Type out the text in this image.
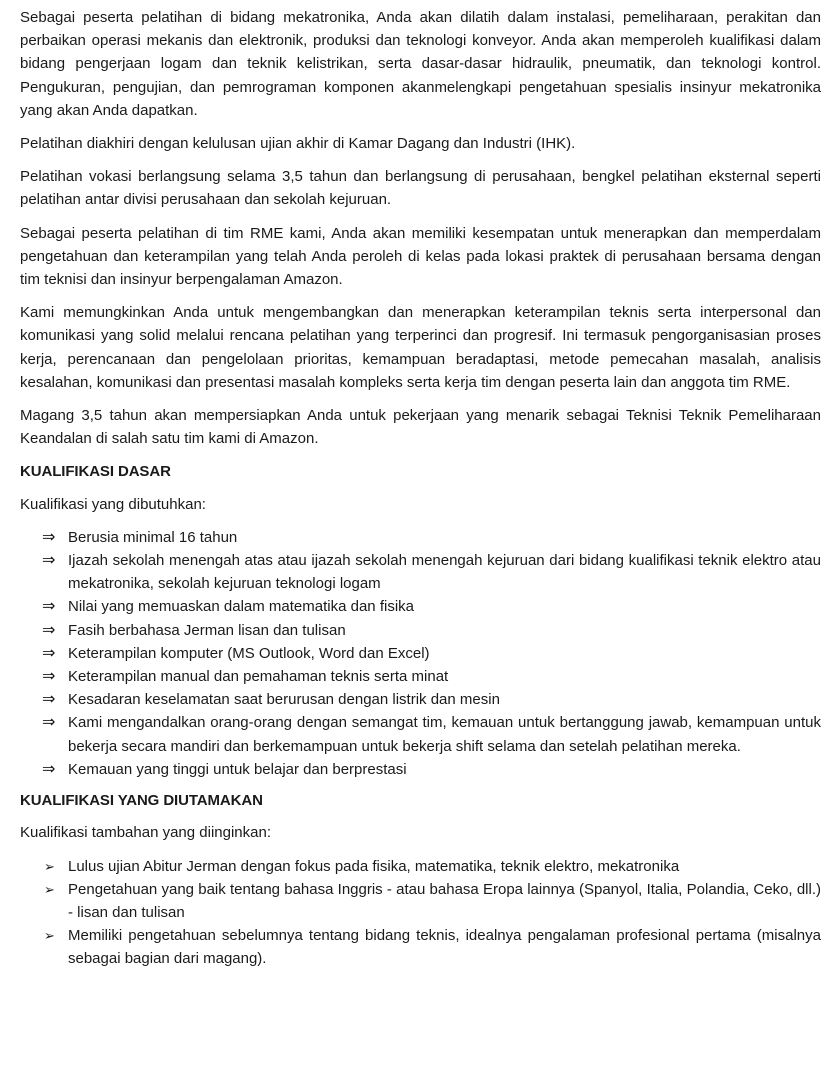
Sebagai peserta pelatihan di bidang mekatronika, Anda akan dilatih dalam instalasi, pemeliharaan, perakitan dan perbaikan operasi mekanis dan elektronik, produksi dan teknologi konveyor. Anda akan memperoleh kualifikasi dalam bidang pengerjaan logam dan teknik kelistrikan, serta dasar-dasar hidraulik, pneumatik, dan teknologi kontrol. Pengukuran, pengujian, dan pemrograman komponen akanmelengkapi pengetahuan spesialis insinyur mekatronika yang akan Anda dapatkan.

Pelatihan diakhiri dengan kelulusan ujian akhir di Kamar Dagang dan Industri (IHK).

Pelatihan vokasi berlangsung selama 3,5 tahun dan berlangsung di perusahaan, bengkel pelatihan eksternal seperti pelatihan antar divisi perusahaan dan sekolah kejuruan.

Sebagai peserta pelatihan di tim RME kami, Anda akan memiliki kesempatan untuk menerapkan dan memperdalam pengetahuan dan keterampilan yang telah Anda peroleh di kelas pada lokasi praktek di perusahaan bersama dengan tim teknisi dan insinyur berpengalaman Amazon.

Kami memungkinkan Anda untuk mengembangkan dan menerapkan keterampilan teknis serta interpersonal dan komunikasi yang solid melalui rencana pelatihan yang terperinci dan progresif. Ini termasuk pengorganisasian proses kerja, perencanaan dan pengelolaan prioritas, kemampuan beradaptasi, metode pemecahan masalah, analisis kesalahan, komunikasi dan presentasi masalah kompleks serta kerja tim dengan peserta lain dan anggota tim RME.

Magang 3,5 tahun akan mempersiapkan Anda untuk pekerjaan yang menarik sebagai Teknisi Teknik Pemeliharaan Keandalan di salah satu tim kami di Amazon.

KUALIFIKASI DASAR
Kualifikasi yang dibutuhkan:
⇒ Berusia minimal 16 tahun
⇒ Ijazah sekolah menengah atas atau ijazah sekolah menengah kejuruan dari bidang kualifikasi teknik elektro atau mekatronika, sekolah kejuruan teknologi logam
⇒ Nilai yang memuaskan dalam matematika dan fisika
⇒ Fasih berbahasa Jerman lisan dan tulisan
⇒ Keterampilan komputer (MS Outlook, Word dan Excel)
⇒ Keterampilan manual dan pemahaman teknis serta minat
⇒ Kesadaran keselamatan saat berurusan dengan listrik dan mesin
⇒ Kami mengandalkan orang-orang dengan semangat tim, kemauan untuk bertanggung jawab, kemampuan untuk bekerja secara mandiri dan berkemampuan untuk bekerja shift selama dan setelah pelatihan mereka.
⇒ Kemauan yang tinggi untuk belajar dan berprestasi
KUALIFIKASI YANG DIUTAMAKAN
Kualifikasi tambahan yang diinginkan:
➢ Lulus ujian Abitur Jerman dengan fokus pada fisika, matematika, teknik elektro, mekatronika
➢ Pengetahuan yang baik tentang bahasa Inggris - atau bahasa Eropa lainnya (Spanyol, Italia, Polandia, Ceko, dll.) - lisan dan tulisan
➢ Memiliki pengetahuan sebelumnya tentang bidang teknis, idealnya pengalaman profesional pertama (misalnya sebagai bagian dari magang).
